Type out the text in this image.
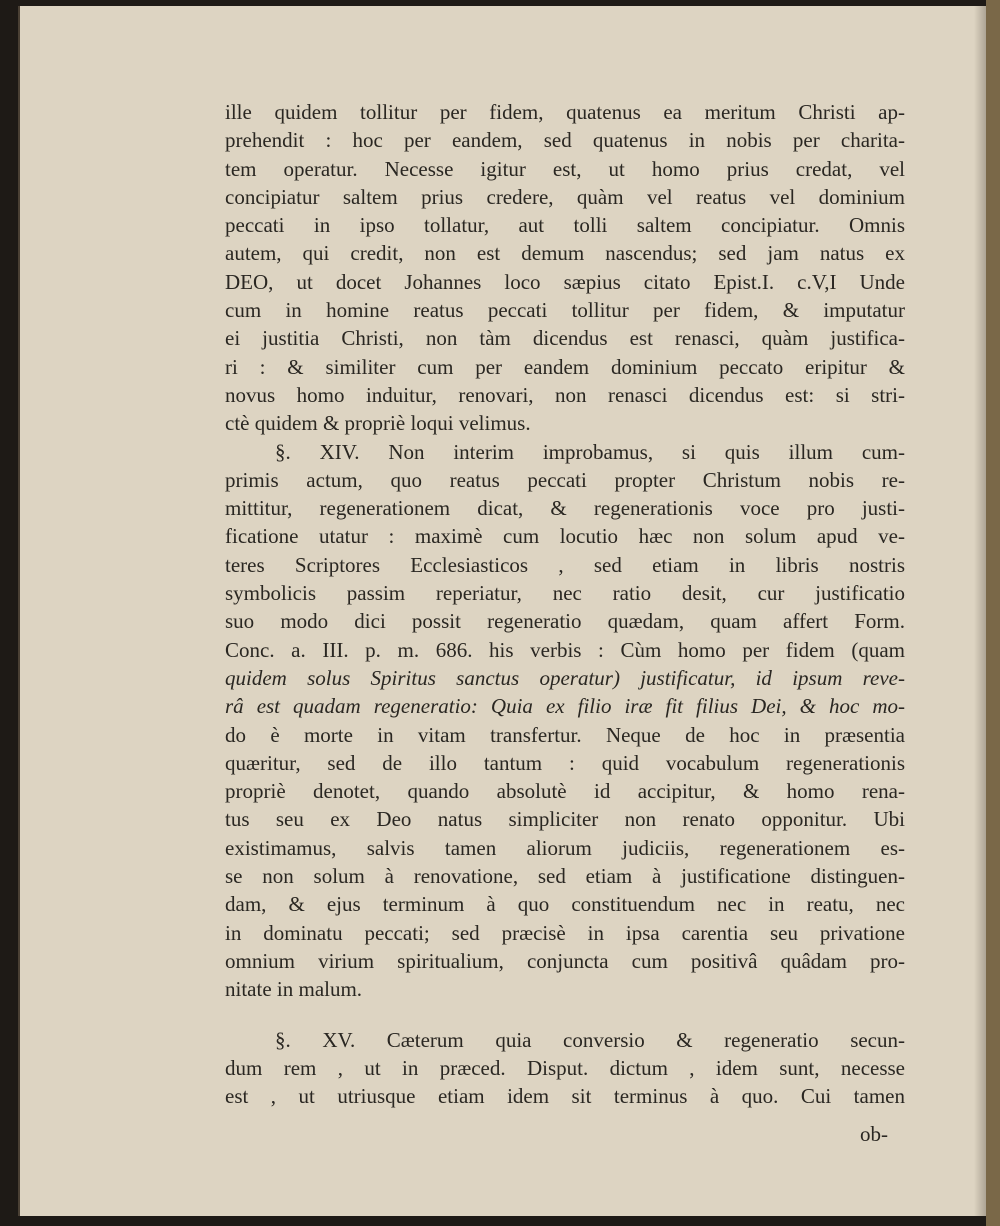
ille quidem tollitur per fidem, quatenus ea meritum Christi ap-
prehendit : hoc per eandem, sed quatenus in nobis per charita-
tem operatur. Necesse igitur est, ut homo prius credat, vel
concipiatur saltem prius credere, quàm vel reatus vel dominium
peccati in ipso tollatur, aut tolli saltem concipiatur. Omnis
autem, qui credit, non est demum nascendus; sed jam natus ex
DEO, ut docet Johannes loco sæpius citato Epist.I. c.V,I Unde
cum in homine reatus peccati tollitur per fidem, & imputatur
ei justitia Christi, non tàm dicendus est renasci, quàm justifica-
ri : & similiter cum per eandem dominium peccato eripitur &
novus homo induitur, renovari, non renasci dicendus est: si stri-
ctè quidem & propriè loqui velimus.
§. XIV. Non interim improbamus, si quis illum cum-
primis actum, quo reatus peccati propter Christum nobis re-
mittitur, regenerationem dicat, & regenerationis voce pro justi-
ficatione utatur : maximè cum locutio hæc non solum apud ve-
teres Scriptores Ecclesiasticos , sed etiam in libris nostris
symbolicis passim reperiatur, nec ratio desit, cur justificatio
suo modo dici possit regeneratio quædam, quam affert Form.
Conc. a. III. p. m. 686. his verbis : Cùm homo per fidem (quam
quidem solus Spiritus sanctus operatur) justificatur, id ipsum reve-
râ est quadam regeneratio: Quia ex filio iræ fit filius Dei, & hoc mo-
do è morte in vitam transfertur. Neque de hoc in præsentia
quæritur, sed de illo tantum : quid vocabulum regenerationis
propriè denotet, quando absolutè id accipitur, & homo rena-
tus seu ex Deo natus simpliciter non renato opponitur. Ubi
existimamus, salvis tamen aliorum judiciis, regenerationem es-
se non solum à renovatione, sed etiam à justificatione distinguen-
dam, & ejus terminum à quo constituendum nec in reatu, nec
in dominatu peccati; sed præcisè in ipsa carentia seu privatione
omnium virium spiritualium, conjuncta cum positivâ quâdam pro-
nitate in malum.
§. XV. Cæterum quia conversio & regeneratio secun-
dum rem , ut in præced. Disput. dictum , idem sunt, necesse
est , ut utriusque etiam idem sit terminus à quo. Cui tamen
ob-
